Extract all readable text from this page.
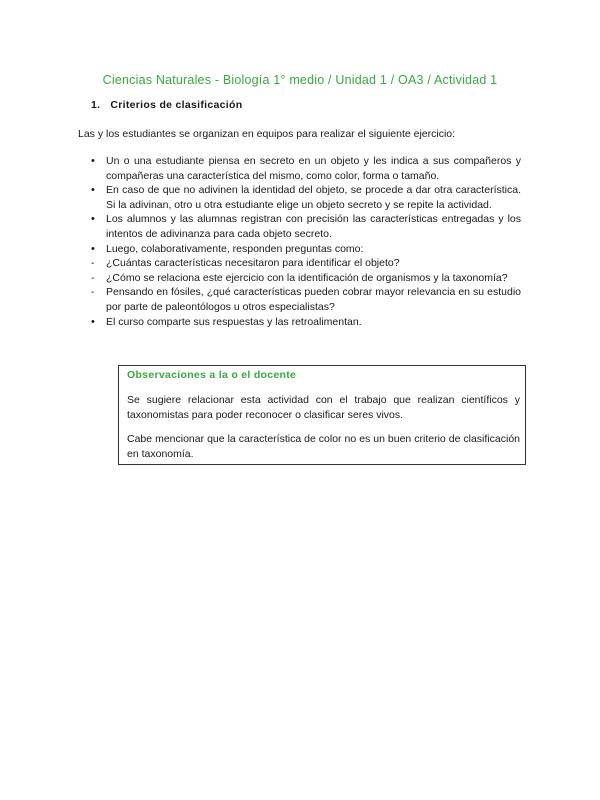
Ciencias Naturales - Biología 1° medio / Unidad 1 / OA3 / Actividad 1
1. Criterios de clasificación
Las y los estudiantes se organizan en equipos para realizar el siguiente ejercicio:
• Un o una estudiante piensa en secreto en un objeto y les indica a sus compañeros y compañeras una característica del mismo, como color, forma o tamaño.
• En caso de que no adivinen la identidad del objeto, se procede a dar otra característica. Si la adivinan, otro u otra estudiante elige un objeto secreto y se repite la actividad.
• Los alumnos y las alumnas registran con precisión las características entregadas y los intentos de adivinanza para cada objeto secreto.
• Luego, colaborativamente, responden preguntas como:
- ¿Cuántas características necesitaron para identificar el objeto?
- ¿Cómo se relaciona este ejercicio con la identificación de organismos y la taxonomía?
- Pensando en fósiles, ¿qué características pueden cobrar mayor relevancia en su estudio por parte de paleontólogos u otros especialistas?
• El curso comparte sus respuestas y las retroalimentan.
Observaciones a la o el docente

Se sugiere relacionar esta actividad con el trabajo que realizan científicos y taxonomistas para poder reconocer o clasificar seres vivos.

Cabe mencionar que la característica de color no es un buen criterio de clasificación en taxonomía.
